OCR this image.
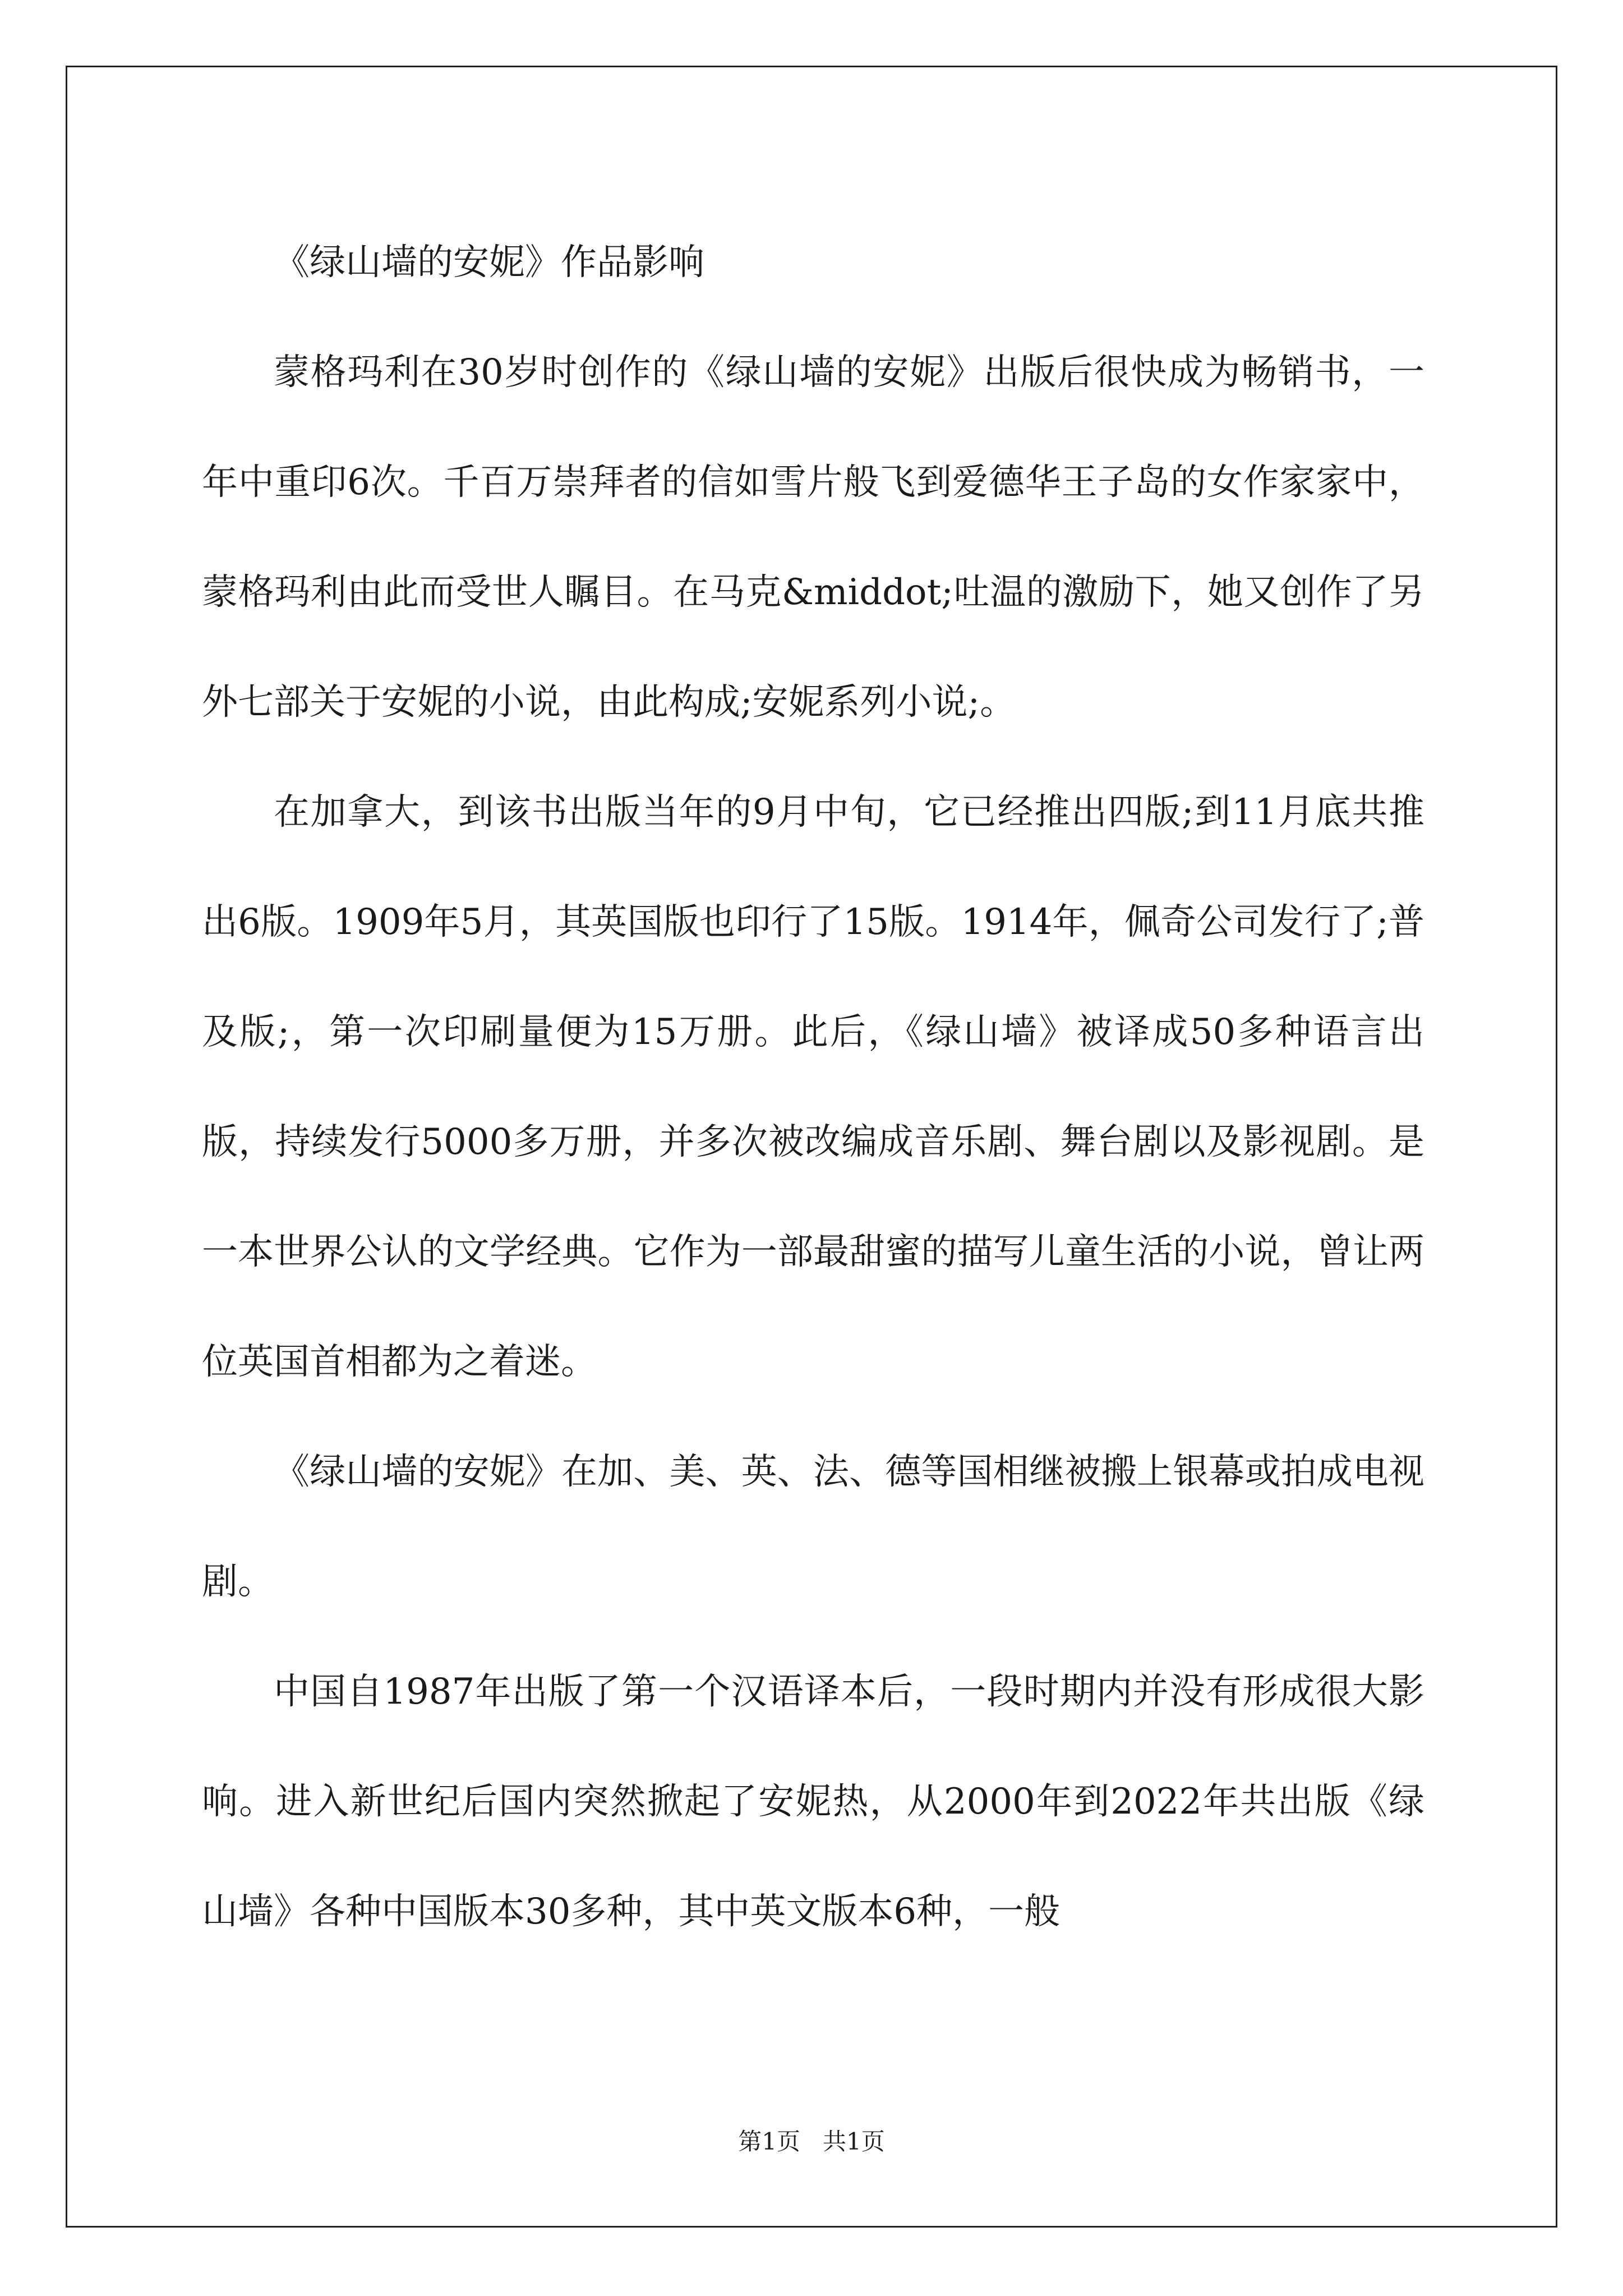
《绿山墙的安妮》作品影响

蒙格玛利在30岁时创作的《绿山墙的安妮》出版后很快成为畅销书，一年中重印6次。千百万崇拜者的信如雪片般飞到爱德华王子岛的女作家家中，蒙格玛利由此而受世人瞩目。在马克&middot;吐温的激励下，她又创作了另外七部关于安妮的小说，由此构成;安妮系列小说;。

在加拿大，到该书出版当年的9月中旬，它已经推出四版;到11月底共推出6版。1909年5月，其英国版也印行了15版。1914年，佩奇公司发行了;普及版;，第一次印刷量便为15万册。此后，《绿山墙》被译成50多种语言出版，持续发行5000多万册，并多次被改编成音乐剧、舞台剧以及影视剧。是一本世界公认的文学经典。它作为一部最甜蜜的描写儿童生活的小说，曾让两位英国首相都为之着迷。

《绿山墙的安妮》在加、美、英、法、德等国相继被搬上银幕或拍成电视剧。

中国自1987年出版了第一个汉语译本后，一段时期内并没有形成很大影响。进入新世纪后国内突然掀起了安妮热，从2000年到2022年共出版《绿山墙》各种中国版本30多种，其中英文版本6种，一般

第1页   共1页
